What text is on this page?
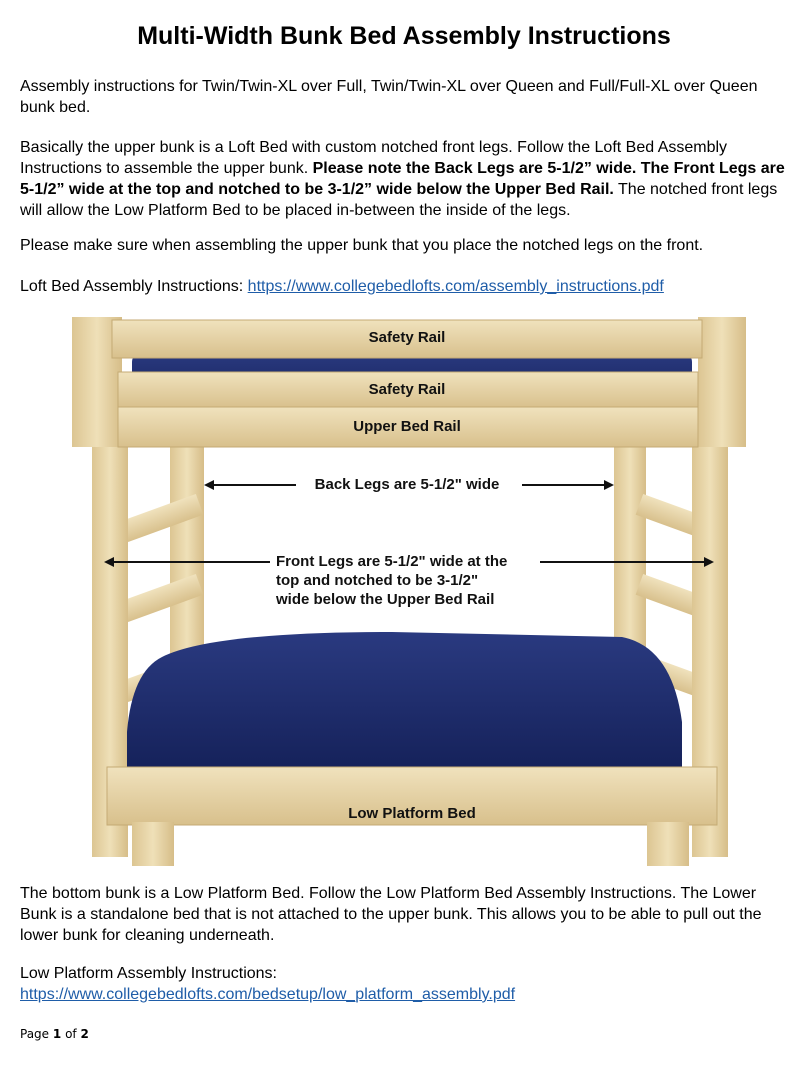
Multi-Width Bunk Bed Assembly Instructions
Assembly instructions for Twin/Twin-XL over Full, Twin/Twin-XL over Queen and Full/Full-XL over Queen bunk bed.
Basically the upper bunk is a Loft Bed with custom notched front legs. Follow the Loft Bed Assembly Instructions to assemble the upper bunk. Please note the Back Legs are 5-1/2” wide. The Front Legs are 5-1/2” wide at the top and notched to be 3-1/2” wide below the Upper Bed Rail. The notched front legs will allow the Low Platform Bed to be placed in-between the inside of the legs.
Please make sure when assembling the upper bunk that you place the notched legs on the front.
Loft Bed Assembly Instructions: https://www.collegebedlofts.com/assembly_instructions.pdf
Safety Rail
Safety Rail
Upper Bed Rail
Back Legs are 5-1/2" wide
Front Legs are 5-1/2" wide at the
top and notched to be 3-1/2"
wide below the Upper Bed Rail
Low Platform Bed
The bottom bunk is a Low Platform Bed. Follow the Low Platform Bed Assembly Instructions. The Lower Bunk is a standalone bed that is not attached to the upper bunk. This allows you to be able to pull out the lower bunk for cleaning underneath.
Low Platform Assembly Instructions:
https://www.collegebedlofts.com/bedsetup/low_platform_assembly.pdf
Page 1 of 2
